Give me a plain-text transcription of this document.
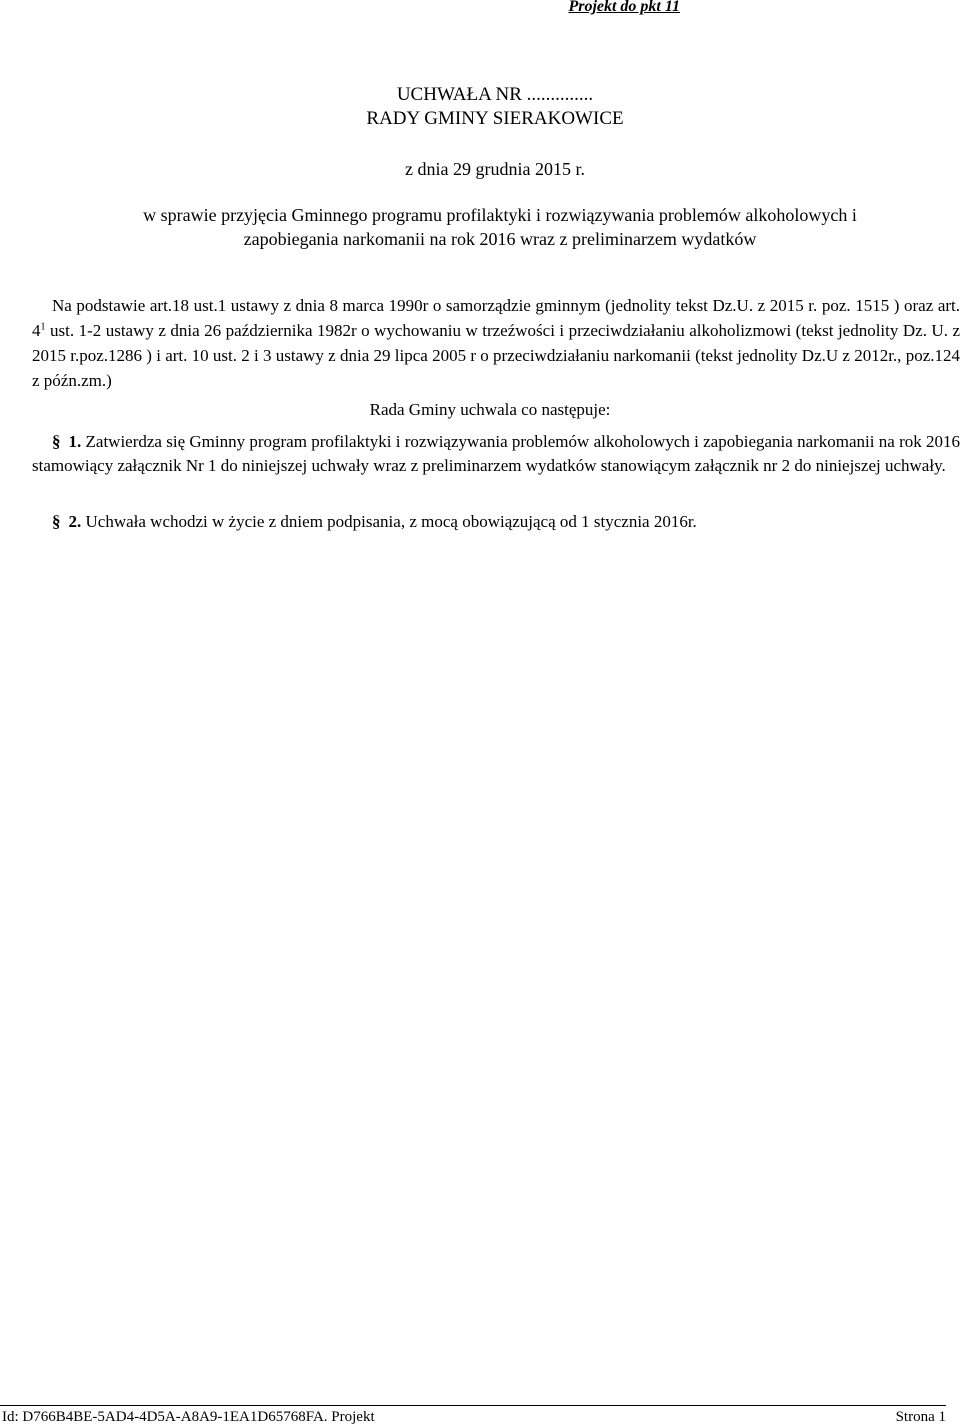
Projekt do pkt 11
UCHWAŁA NR ..............
RADY GMINY SIERAKOWICE
z dnia 29 grudnia 2015 r.
w sprawie przyjęcia Gminnego programu profilaktyki i rozwiązywania problemów alkoholowych i
zapobiegania narkomanii na rok 2016 wraz z preliminarzem wydatków
Na podstawie art.18 ust.1 ustawy z dnia 8 marca 1990r o samorządzie gminnym (jednolity tekst Dz.U. z 2015 r. poz. 1515 ) oraz art. $4^1$ ust. 1-2 ustawy z dnia 26 października 1982r o wychowaniu w trzeźwości i przeciwdziałaniu alkoholizmowi (tekst jednolity Dz. U. z 2015 r.poz.1286 ) i art. 10 ust. 2 i 3 ustawy z dnia 29 lipca 2005 r o przeciwdziałaniu narkomanii (tekst jednolity Dz.U z 2012r., poz.124 z późn.zm.)
Rada Gminy uchwala co następuje:
§ 1. Zatwierdza się Gminny program profilaktyki i rozwiązywania problemów alkoholowych i zapobiegania narkomanii na rok 2016 stamowiący załącznik Nr 1 do niniejszej uchwały wraz z preliminarzem wydatków stanowiącym załącznik nr 2 do niniejszej uchwały.
§ 2. Uchwała wchodzi w życie z dniem podpisania, z mocą obowiązującą od 1 stycznia 2016r.
Id: D766B4BE-5AD4-4D5A-A8A9-1EA1D65768FA. Projekt	Strona 1
